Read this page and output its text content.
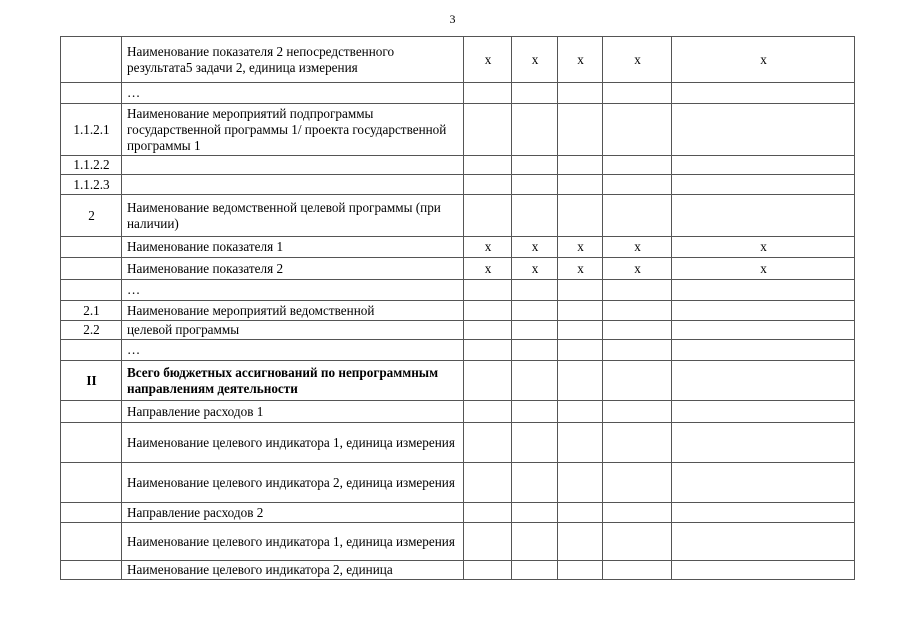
3
	Наименование показателя 2 непосредственного результата5 задачи 2, единица измерения	x	x	x	x	x
	…					
1.1.2.1	Наименование мероприятий подпрограммы государственной программы 1/ проекта государственной программы 1					
1.1.2.2						
1.1.2.3						
2	Наименование ведомственной целевой программы (при наличии)					
	Наименование показателя 1	x	x	x	x	x
	Наименование показателя 2	x	x	x	x	x
	…					
2.1	Наименование мероприятий ведомственной					
2.2	целевой программы					
	…					
II	Всего бюджетных ассигнований по непрограммным направлениям деятельности					
	Направление расходов 1					
	Наименование целевого индикатора 1, единица измерения					
	Наименование целевого индикатора 2, единица измерения					
	Направление расходов 2					
	Наименование целевого индикатора 1, единица измерения					
	Наименование целевого индикатора 2, единица					
